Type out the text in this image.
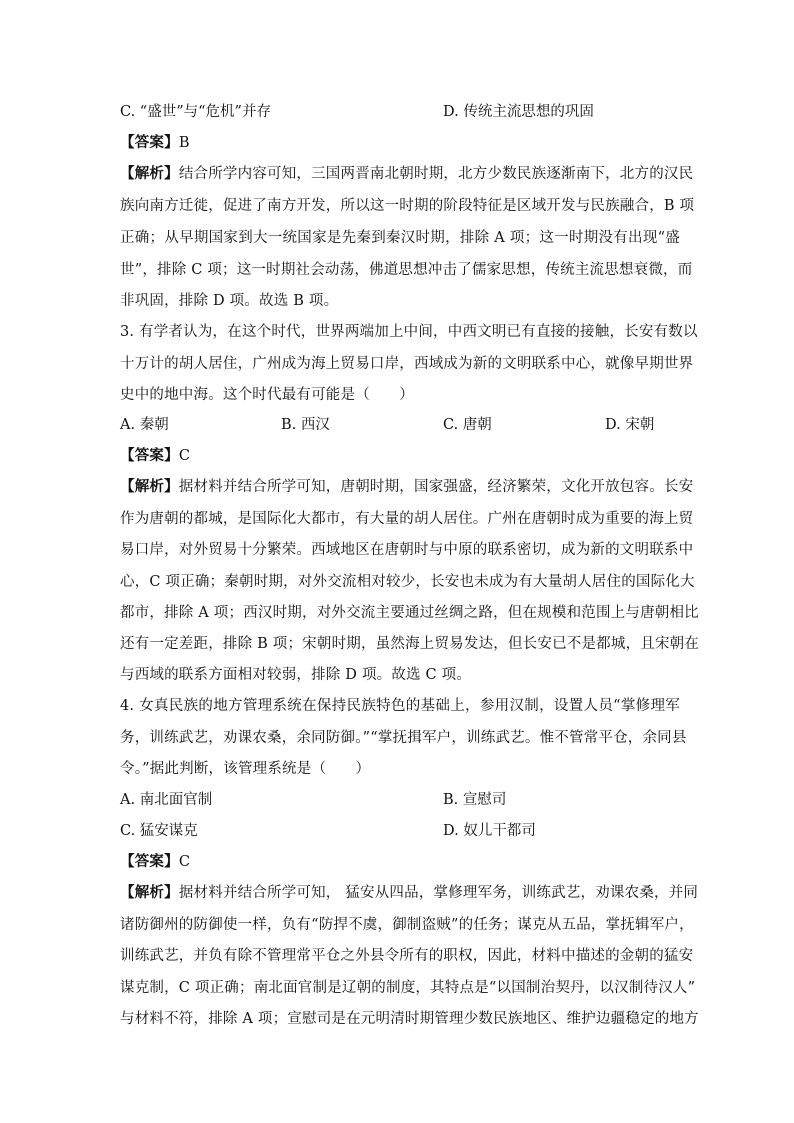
C. “盛世”与“危机”并存	D. 传统主流思想的巩固
【答案】B
【解析】结合所学内容可知，三国两晋南北朝时期，北方少数民族逐渐南下，北方的汉民
族向南方迁徙，促进了南方开发，所以这一时期的阶段特征是区域开发与民族融合，B 项
正确；从早期国家到大一统国家是先秦到秦汉时期，排除 A 项；这一时期没有出现“盛
世”，排除 C 项；这一时期社会动荡，佛道思想冲击了儒家思想，传统主流思想衰微，而
非巩固，排除 D 项。故选 B 项。
3. 有学者认为，在这个时代，世界两端加上中间，中西文明已有直接的接触，长安有数以
十万计的胡人居住，广州成为海上贸易口岸，西域成为新的文明联系中心，就像早期世界
史中的地中海。这个时代最有可能是（　　）
A. 秦朝	B. 西汉	C. 唐朝	D. 宋朝
【答案】C
【解析】据材料并结合所学可知，唐朝时期，国家强盛，经济繁荣，文化开放包容。长安
作为唐朝的都城，是国际化大都市，有大量的胡人居住。广州在唐朝时成为重要的海上贸
易口岸，对外贸易十分繁荣。西域地区在唐朝时与中原的联系密切，成为新的文明联系中
心，C 项正确；秦朝时期，对外交流相对较少，长安也未成为有大量胡人居住的国际化大
都市，排除 A 项；西汉时期，对外交流主要通过丝绸之路，但在规模和范围上与唐朝相比
还有一定差距，排除 B 项；宋朝时期，虽然海上贸易发达，但长安已不是都城，且宋朝在
与西域的联系方面相对较弱，排除 D 项。故选 C 项。
4. 女真民族的地方管理系统在保持民族特色的基础上，参用汉制，设置人员“掌修理军
务，训练武艺，劝课农桑，余同防御。”“掌抚揖军户，训练武艺。惟不管常平仓，余同县
令。”据此判断，该管理系统是（　　）
A. 南北面官制	B. 宣慰司
C. 猛安谋克	D. 奴儿干都司
【答案】C
【解析】据材料并结合所学可知， 猛安从四品，掌修理军务，训练武艺，劝课农桑，并同
诸防御州的防御使一样，负有“防捍不虞，御制盗贼”的任务；谋克从五品，掌抚辑军户，
训练武艺，并负有除不管理常平仓之外县令所有的职权，因此，材料中描述的金朝的猛安
谋克制，C 项正确；南北面官制是辽朝的制度，其特点是“以国制治契丹，以汉制待汉人”
与材料不符，排除 A 项；宣慰司是在元明清时期管理少数民族地区、维护边疆稳定的地方
